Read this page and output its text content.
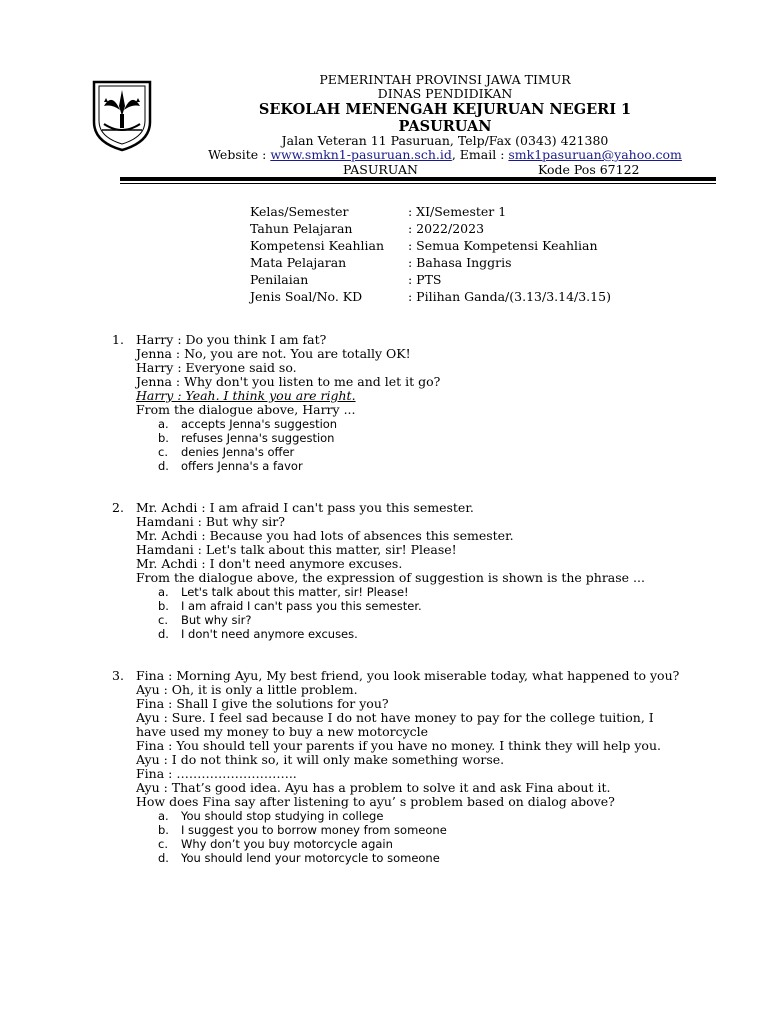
PEMERINTAH PROVINSI JAWA TIMUR
DINAS PENDIDIKAN
SEKOLAH MENENGAH KEJURUAN NEGERI 1
PASURUAN
Jalan Veteran 11 Pasuruan, Telp/Fax (0343) 421380
Website : www.smkn1-pasuruan.sch.id, Email : smk1pasuruan@yahoo.com
PASURUAN	Kode Pos 67122
Kelas/Semester	: XI/Semester 1
Tahun Pelajaran	: 2022/2023
Kompetensi Keahlian	: Semua Kompetensi Keahlian
Mata Pelajaran	: Bahasa Inggris
Penilaian	: PTS
Jenis Soal/No. KD	: Pilihan Ganda/(3.13/3.14/3.15)
1. Harry : Do you think I am fat?
Jenna : No, you are not. You are totally OK!
Harry : Everyone said so.
Jenna : Why don't you listen to me and let it go?
Harry : Yeah. I think you are right.
From the dialogue above, Harry ...
a.	accepts Jenna's suggestion
b.	refuses Jenna's suggestion
c.	denies Jenna's offer
d.	offers Jenna's a favor
2. Mr. Achdi : I am afraid I can't pass you this semester.
Hamdani : But why sir?
Mr. Achdi : Because you had lots of absences this semester.
Hamdani : Let's talk about this matter, sir! Please!
Mr. Achdi : I don't need anymore excuses.
From the dialogue above, the expression of suggestion is shown is the phrase ...
a.	Let's talk about this matter, sir! Please!
b.	I am afraid I can't pass you this semester.
c.	But why sir?
d.	I don't need anymore excuses.
3. Fina : Morning Ayu, My best friend, you look miserable today, what happened to you?
Ayu : Oh, it is only a little problem.
Fina : Shall I give the solutions for you?
Ayu : Sure. I feel sad because I do not have money to pay for the college tuition, I have used my money to buy a new motorcycle
Fina : You should tell your parents if you have no money. I think they will help you.
Ayu : I do not think so, it will only make something worse.
Fina : ………………………..
Ayu : That’s good idea. Ayu has a problem to solve it and ask Fina about it.
How does Fina say after listening to ayu’ s problem based on dialog above?
a.	You should stop studying in college
b.	I suggest you to borrow money from someone
c.	Why don’t you buy motorcycle again
d.	You should lend your motorcycle to someone
